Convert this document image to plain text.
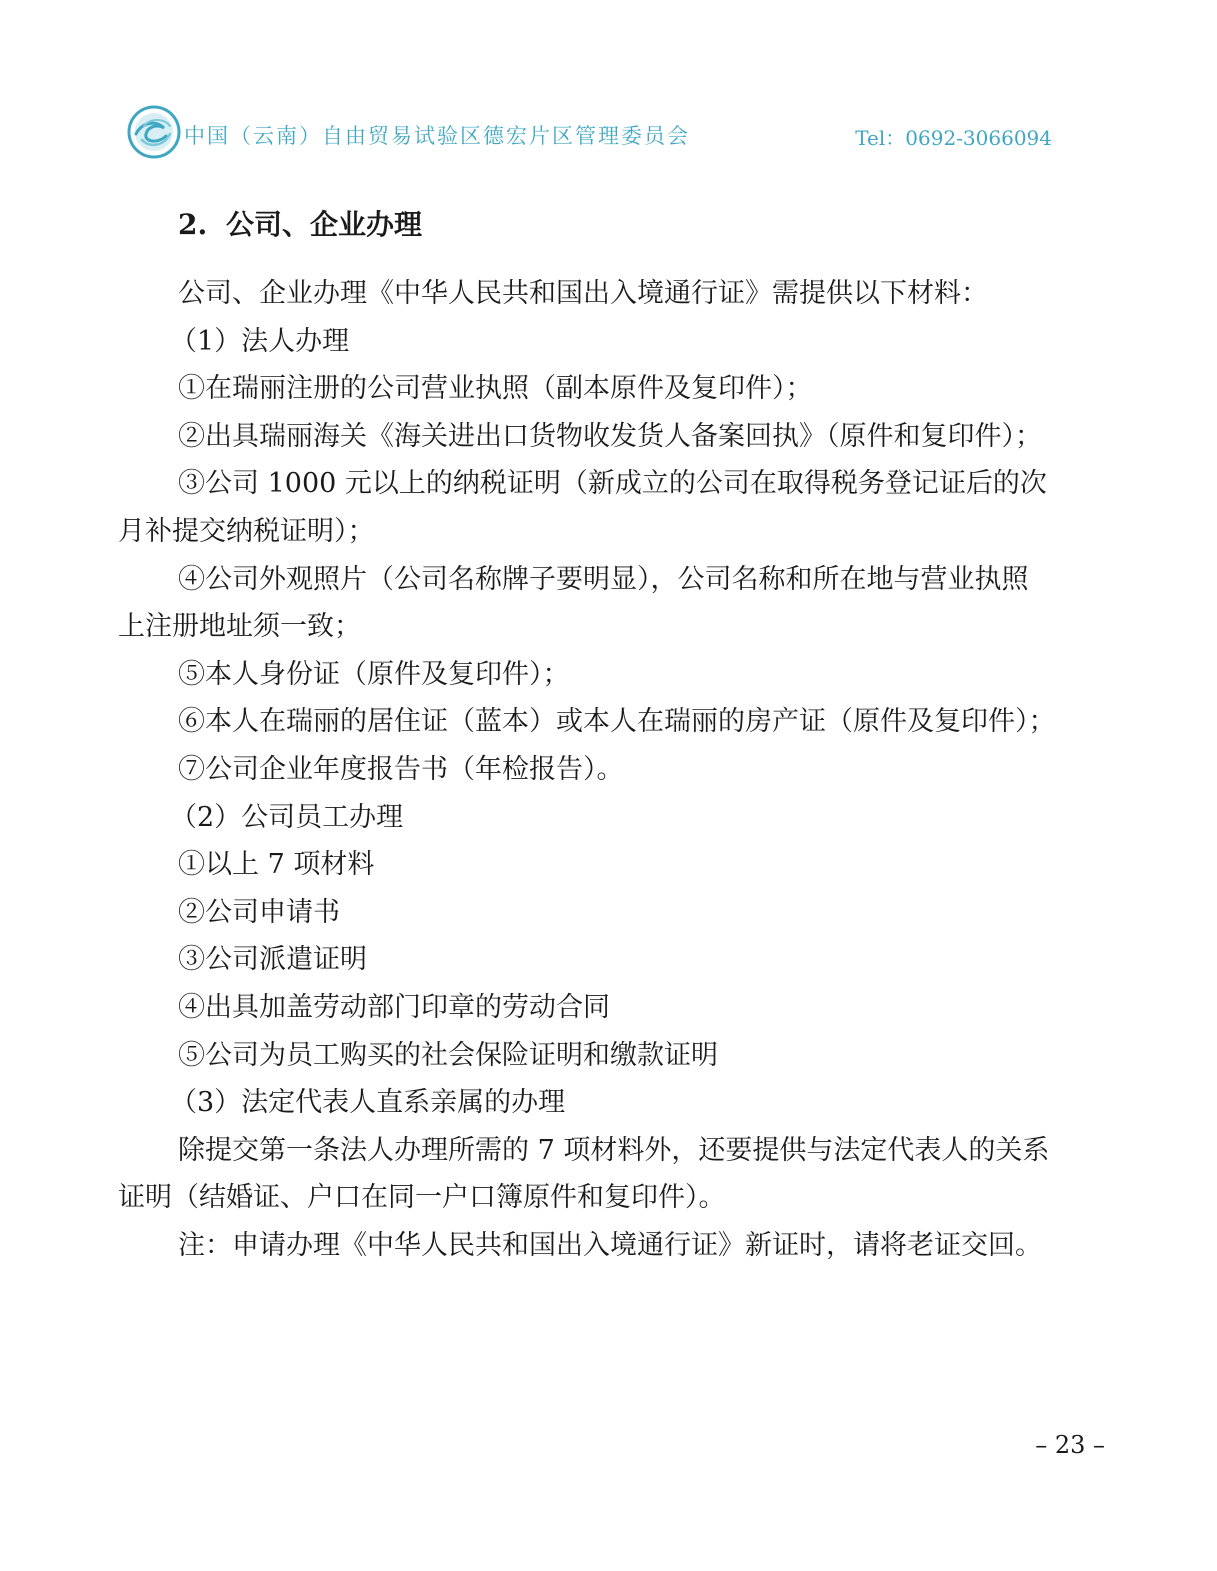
中国（云南）自由贸易试验区德宏片区管理委员会	Tel：0692-3066094

2. 公司、企业办理

公司、企业办理《中华人民共和国出入境通行证》需提供以下材料：

（1）法人办理

①在瑞丽注册的公司营业执照（副本原件及复印件）；

②出具瑞丽海关《海关进出口货物收发货人备案回执》（原件和复印件）；

③公司 1000 元以上的纳税证明（新成立的公司在取得税务登记证后的次

月补提交纳税证明）；

④公司外观照片（公司名称牌子要明显），公司名称和所在地与营业执照

上注册地址须一致；

⑤本人身份证（原件及复印件）；

⑥本人在瑞丽的居住证（蓝本）或本人在瑞丽的房产证（原件及复印件）；

⑦公司企业年度报告书（年检报告）。

（2）公司员工办理

①以上 7 项材料

②公司申请书

③公司派遣证明

④出具加盖劳动部门印章的劳动合同

⑤公司为员工购买的社会保险证明和缴款证明

（3）法定代表人直系亲属的办理

除提交第一条法人办理所需的 7 项材料外，还要提供与法定代表人的关系

证明（结婚证、户口在同一户口簿原件和复印件）。

注：申请办理《中华人民共和国出入境通行证》新证时，请将老证交回。

– 23 –
